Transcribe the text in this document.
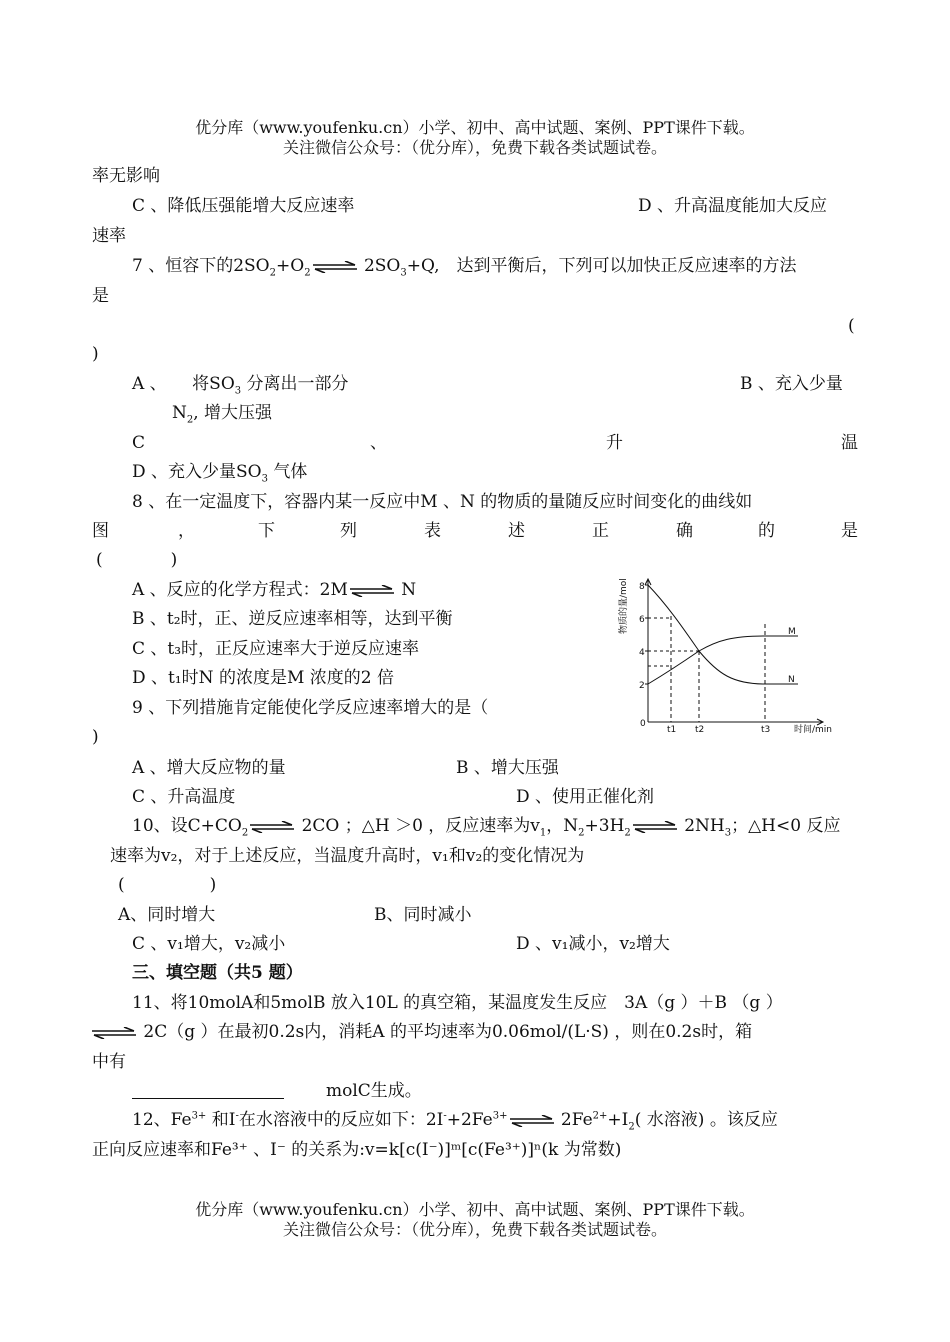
优分库（www.youfenku.cn）小学、初中、高中试题、案例、PPT课件下载。
关注微信公众号：（优分库），免费下载各类试题试卷。
率无影响
C 、降低压强能增大反应速率	D 、升高温度能加大反应
速率
7 、恒容下的$2SO_2+O_2$	$2SO_3+Q$,　达到平衡后，下列可以加快正反应速率的方法
是
(
)
A 、　　将$SO_3$ 分离出一部分	B 、充入少量
$N_2$, 增大压强
C	、	升	温
D 、充入少量$SO_3$ 气体
8 、在一定温度下，容器内某一反应中M 、N 的物质的量随反应时间变化的曲线如
图	，	下	列	表	述	正	确	的	是
(　　　　)
A 、反应的化学方程式：2M	N
B 、t₂时，正、逆反应速率相等，达到平衡
C 、t₃时，正反应速率大于逆反应速率
D 、t₁时N 的浓度是M 浓度的2 倍
物质的量/mol
时间/min
0
2
4
6
8
t1 t2	t3
M
N
9 、下列措施肯定能使化学反应速率增大的是（
)
A 、增大反应物的量	B 、增大压强
C 、升高温度	D 、使用正催化剂
10、设$C+CO_2$	2CO ；△H ＞0 ，反应速率为$v_1$，$N_2+3H_2$	$2NH_3$；△H<0 反应
速率为v₂，对于上述反应，当温度升高时，v₁和v₂的变化情况为
(　　　　　)
A、同时增大	B、同时减小
C 、v₁增大，v₂减小	D 、v₁减小，v₂增大
三、填空题（共5 题）
11、将10molA和5molB 放入10L 的真空箱，某温度发生反应　3A（g ）＋B （g ）
2C（g ）在最初0.2s内，消耗A 的平均速率为0.06mol/(L·S) ，则在0.2s时，箱
中有
molC生成。
12、$Fe^{3+}$ 和I-在水溶液中的反应如下：$2I^-+2Fe^{3+}$	$2Fe^{2+}+I_2$( 水溶液) 。该反应
正向反应速率和Fe³⁺ 、I⁻ 的关系为:v=k[c(I⁻)]ᵐ[c(Fe³⁺)]ⁿ(k 为常数)
优分库（www.youfenku.cn）小学、初中、高中试题、案例、PPT课件下载。
关注微信公众号：（优分库），免费下载各类试题试卷。
